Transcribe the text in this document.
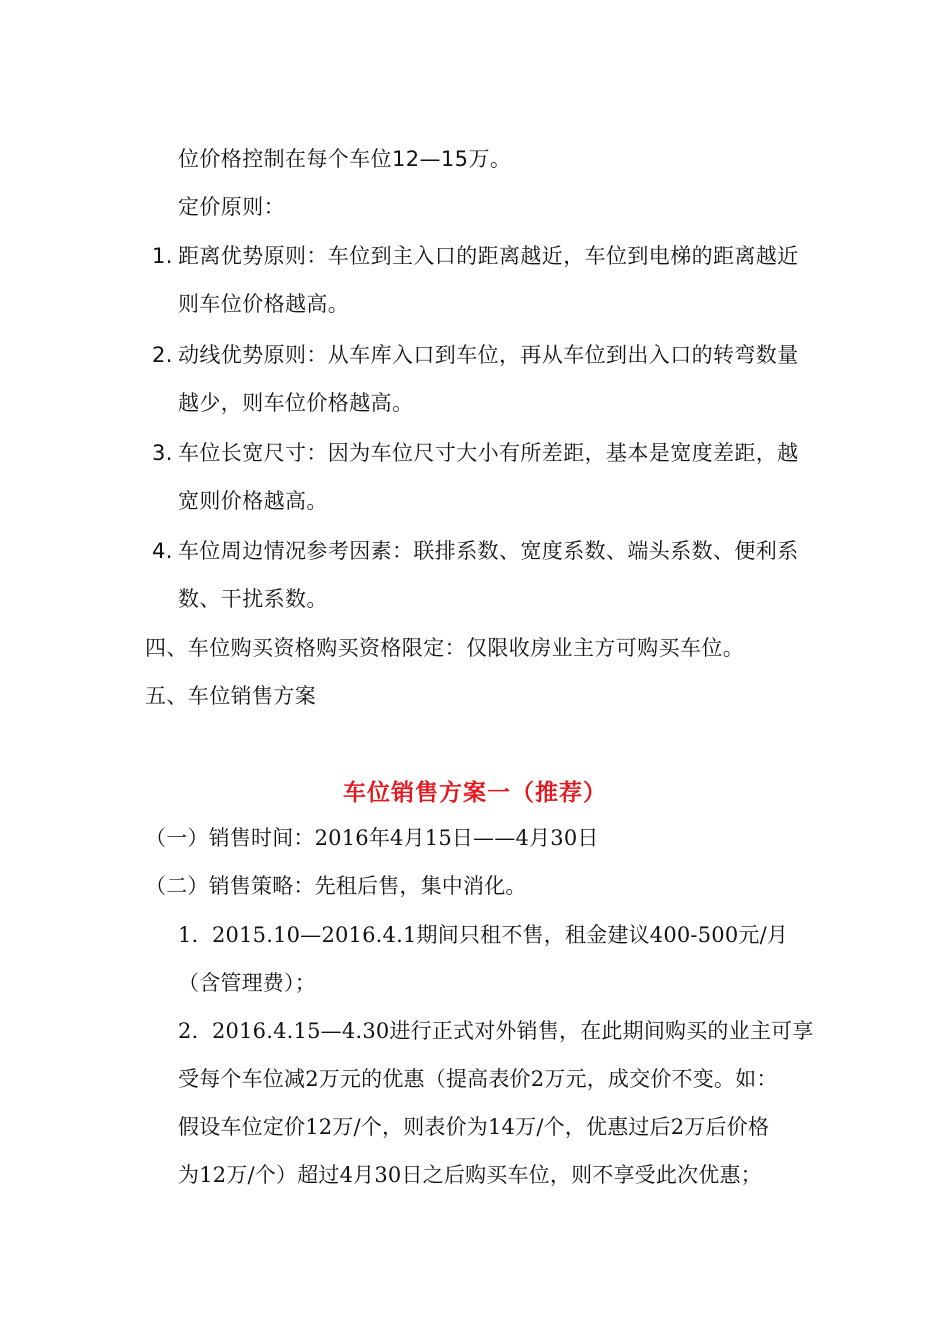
位价格控制在每个车位12—15万。
定价原则：
1. 距离优势原则：车位到主入口的距离越近，车位到电梯的距离越近
则车位价格越高。
2. 动线优势原则：从车库入口到车位，再从车位到出入口的转弯数量
越少，则车位价格越高。
3. 车位长宽尺寸：因为车位尺寸大小有所差距，基本是宽度差距，越
宽则价格越高。
4. 车位周边情况参考因素：联排系数、宽度系数、端头系数、便利系
数、干扰系数。
四、车位购买资格购买资格限定：仅限收房业主方可购买车位。
五、车位销售方案
车位销售方案一（推荐）
（一）销售时间：2016年4月15日——4月30日
（二）销售策略：先租后售，集中消化。
1. 2015.10—2016.4.1期间只租不售，租金建议400-500元/月
（含管理费）；
2. 2016.4.15—4.30进行正式对外销售，在此期间购买的业主可享
受每个车位减2万元的优惠（提高表价2万元，成交价不变。如：
假设车位定价12万/个，则表价为14万/个，优惠过后2万后价格
为12万/个）超过4月30日之后购买车位，则不享受此次优惠；
